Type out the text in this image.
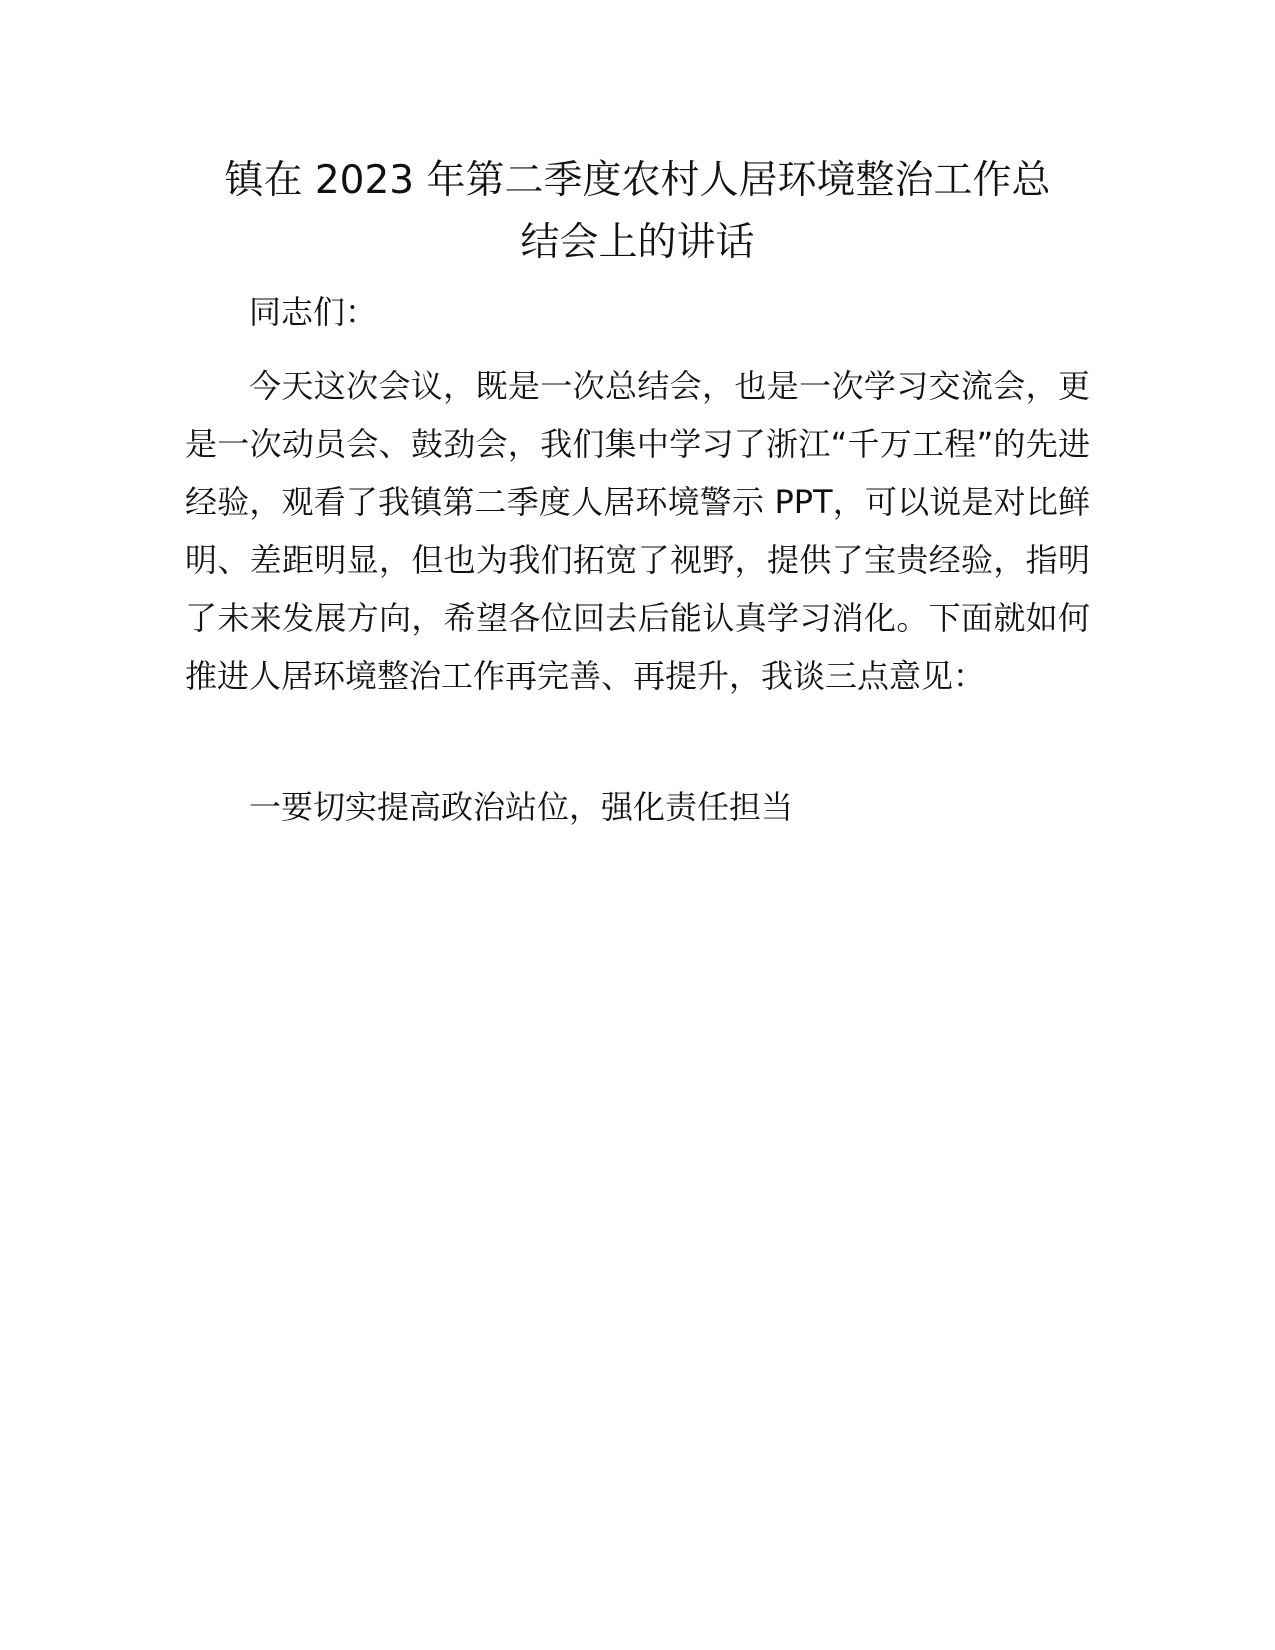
镇在 2023 年第二季度农村人居环境整治工作总
结会上的讲话

同志们：

今天这次会议，既是一次总结会，也是一次学习交流会，更是一次动员会、鼓劲会，我们集中学习了浙江“千万工程”的先进经验，观看了我镇第二季度人居环境警示 PPT，可以说是对比鲜明、差距明显，但也为我们拓宽了视野，提供了宝贵经验，指明了未来发展方向，希望各位回去后能认真学习消化。下面就如何推进人居环境整治工作再完善、再提升，我谈三点意见：

一要切实提高政治站位，强化责任担当
